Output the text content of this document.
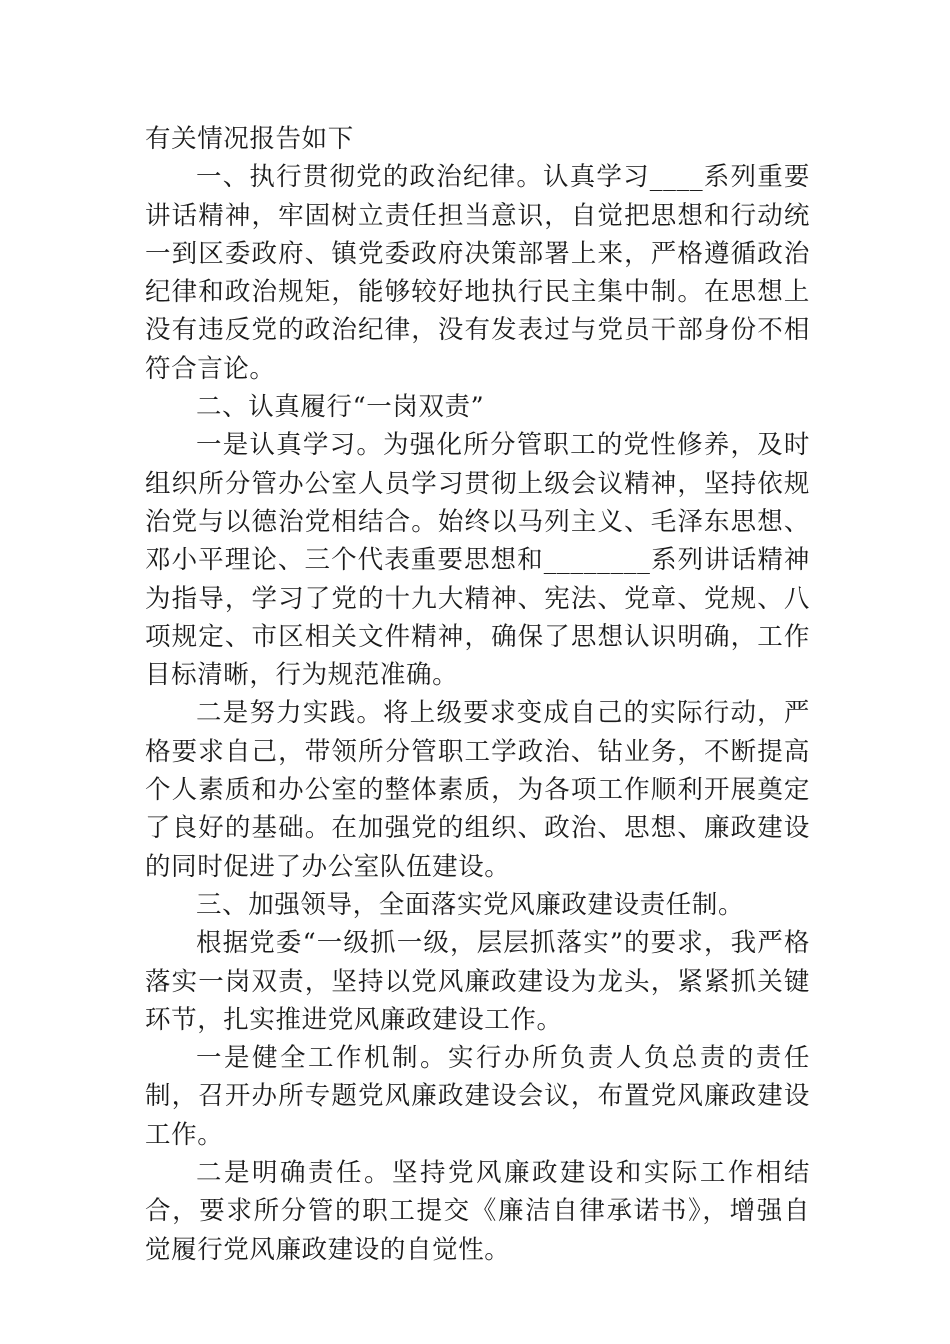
有关情况报告如下

一、执行贯彻党的政治纪律。认真学习____系列重要讲话精神，牢固树立责任担当意识，自觉把思想和行动统一到区委政府、镇党委政府决策部署上来，严格遵循政治纪律和政治规矩，能够较好地执行民主集中制。在思想上没有违反党的政治纪律，没有发表过与党员干部身份不相符合言论。

二、认真履行“一岗双责”

一是认真学习。为强化所分管职工的党性修养，及时组织所分管办公室人员学习贯彻上级会议精神，坚持依规治党与以德治党相结合。始终以马列主义、毛泽东思想、邓小平理论、三个代表重要思想和________系列讲话精神为指导，学习了党的十九大精神、宪法、党章、党规、八项规定、市区相关文件精神，确保了思想认识明确，工作目标清晰，行为规范准确。

二是努力实践。将上级要求变成自己的实际行动，严格要求自己，带领所分管职工学政治、钻业务，不断提高个人素质和办公室的整体素质，为各项工作顺利开展奠定了良好的基础。在加强党的组织、政治、思想、廉政建设的同时促进了办公室队伍建设。

三、加强领导，全面落实党风廉政建设责任制。

根据党委“一级抓一级，层层抓落实”的要求，我严格落实一岗双责，坚持以党风廉政建设为龙头，紧紧抓关键环节，扎实推进党风廉政建设工作。

一是健全工作机制。实行办所负责人负总责的责任制，召开办所专题党风廉政建设会议，布置党风廉政建设工作。

二是明确责任。坚持党风廉政建设和实际工作相结合，要求所分管的职工提交《廉洁自律承诺书》，增强自觉履行党风廉政建设的自觉性。
